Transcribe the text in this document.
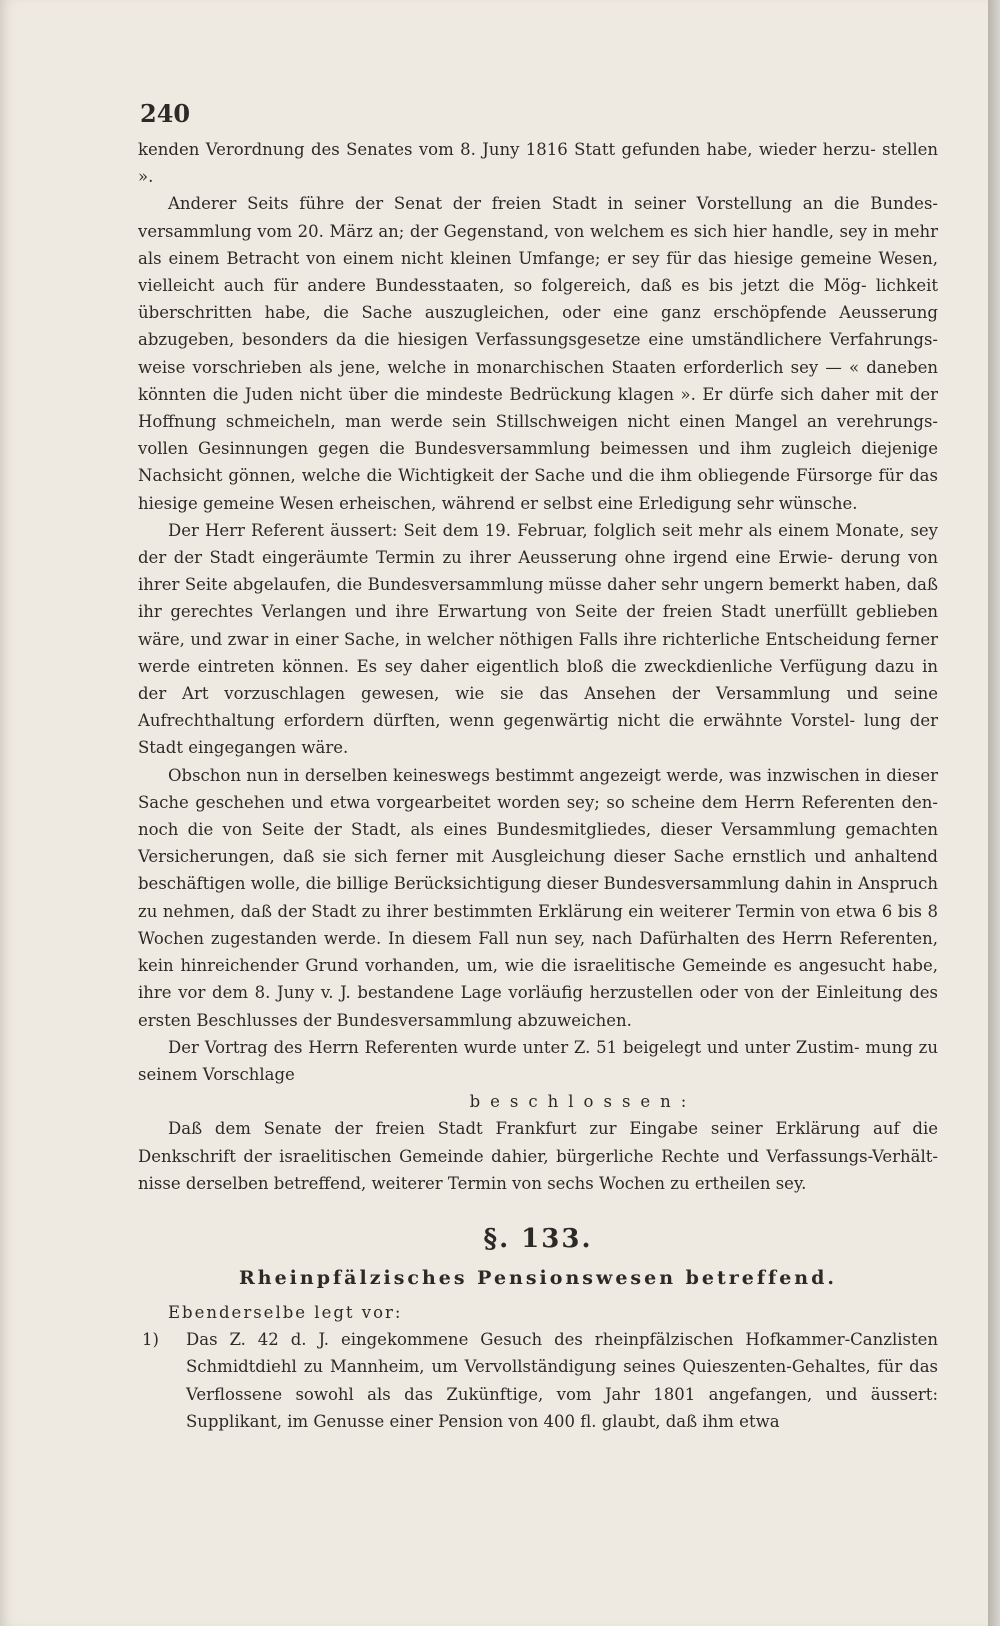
240

kenden Verordnung des Senates vom 8. Juny 1816 Statt gefunden habe, wieder herzu- stellen ».

Anderer Seits führe der Senat der freien Stadt in seiner Vorstellung an die Bundes- versammlung vom 20. März an; der Gegenstand, von welchem es sich hier handle, sey in mehr als einem Betracht von einem nicht kleinen Umfange; er sey für das hiesige gemeine Wesen, vielleicht auch für andere Bundesstaaten, so folgereich, daß es bis jetzt die Mög- lichkeit überschritten habe, die Sache auszugleichen, oder eine ganz erschöpfende Aeusserung abzugeben, besonders da die hiesigen Verfassungsgesetze eine umständlichere Verfahrungs- weise vorschrieben als jene, welche in monarchischen Staaten erforderlich sey — « daneben könnten die Juden nicht über die mindeste Bedrückung klagen ». Er dürfe sich daher mit der Hoffnung schmeicheln, man werde sein Stillschweigen nicht einen Mangel an verehrungs- vollen Gesinnungen gegen die Bundesversammlung beimessen und ihm zugleich diejenige Nachsicht gönnen, welche die Wichtigkeit der Sache und die ihm obliegende Fürsorge für das hiesige gemeine Wesen erheischen, während er selbst eine Erledigung sehr wünsche.

Der Herr Referent äussert: Seit dem 19. Februar, folglich seit mehr als einem Monate, sey der der Stadt eingeräumte Termin zu ihrer Aeusserung ohne irgend eine Erwie- derung von ihrer Seite abgelaufen, die Bundesversammlung müsse daher sehr ungern bemerkt haben, daß ihr gerechtes Verlangen und ihre Erwartung von Seite der freien Stadt unerfüllt geblieben wäre, und zwar in einer Sache, in welcher nöthigen Falls ihre richterliche Entscheidung ferner werde eintreten können. Es sey daher eigentlich bloß die zweckdienliche Verfügung dazu in der Art vorzuschlagen gewesen, wie sie das Ansehen der Versammlung und seine Aufrechthaltung erfordern dürften, wenn gegenwärtig nicht die erwähnte Vorstel- lung der Stadt eingegangen wäre.

Obschon nun in derselben keineswegs bestimmt angezeigt werde, was inzwischen in dieser Sache geschehen und etwa vorgearbeitet worden sey; so scheine dem Herrn Referenten den- noch die von Seite der Stadt, als eines Bundesmitgliedes, dieser Versammlung gemachten Versicherungen, daß sie sich ferner mit Ausgleichung dieser Sache ernstlich und anhaltend beschäftigen wolle, die billige Berücksichtigung dieser Bundesversammlung dahin in Anspruch zu nehmen, daß der Stadt zu ihrer bestimmten Erklärung ein weiterer Termin von etwa 6 bis 8 Wochen zugestanden werde. In diesem Fall nun sey, nach Dafürhalten des Herrn Referenten, kein hinreichender Grund vorhanden, um, wie die israelitische Gemeinde es angesucht habe, ihre vor dem 8. Juny v. J. bestandene Lage vorläufig herzustellen oder von der Einleitung des ersten Beschlusses der Bundesversammlung abzuweichen.

Der Vortrag des Herrn Referenten wurde unter Z. 51 beigelegt und unter Zustim- mung zu seinem Vorschlage

beschlossen:

Daß dem Senate der freien Stadt Frankfurt zur Eingabe seiner Erklärung auf die Denkschrift der israelitischen Gemeinde dahier, bürgerliche Rechte und Verfassungs-Verhält- nisse derselben betreffend, weiterer Termin von sechs Wochen zu ertheilen sey.

§. 133.
Rheinpfälzisches Pensionswesen betreffend.
Ebenderselbe legt vor:
1)	Das Z. 42 d. J. eingekommene Gesuch des rheinpfälzischen Hofkammer-Canzlisten Schmidtdiehl zu Mannheim, um Vervollständigung seines Quieszenten-Gehaltes, für das Verflossene sowohl als das Zukünftige, vom Jahr 1801 angefangen, und äussert: Supplikant, im Genusse einer Pension von 400 fl. glaubt, daß ihm etwa
